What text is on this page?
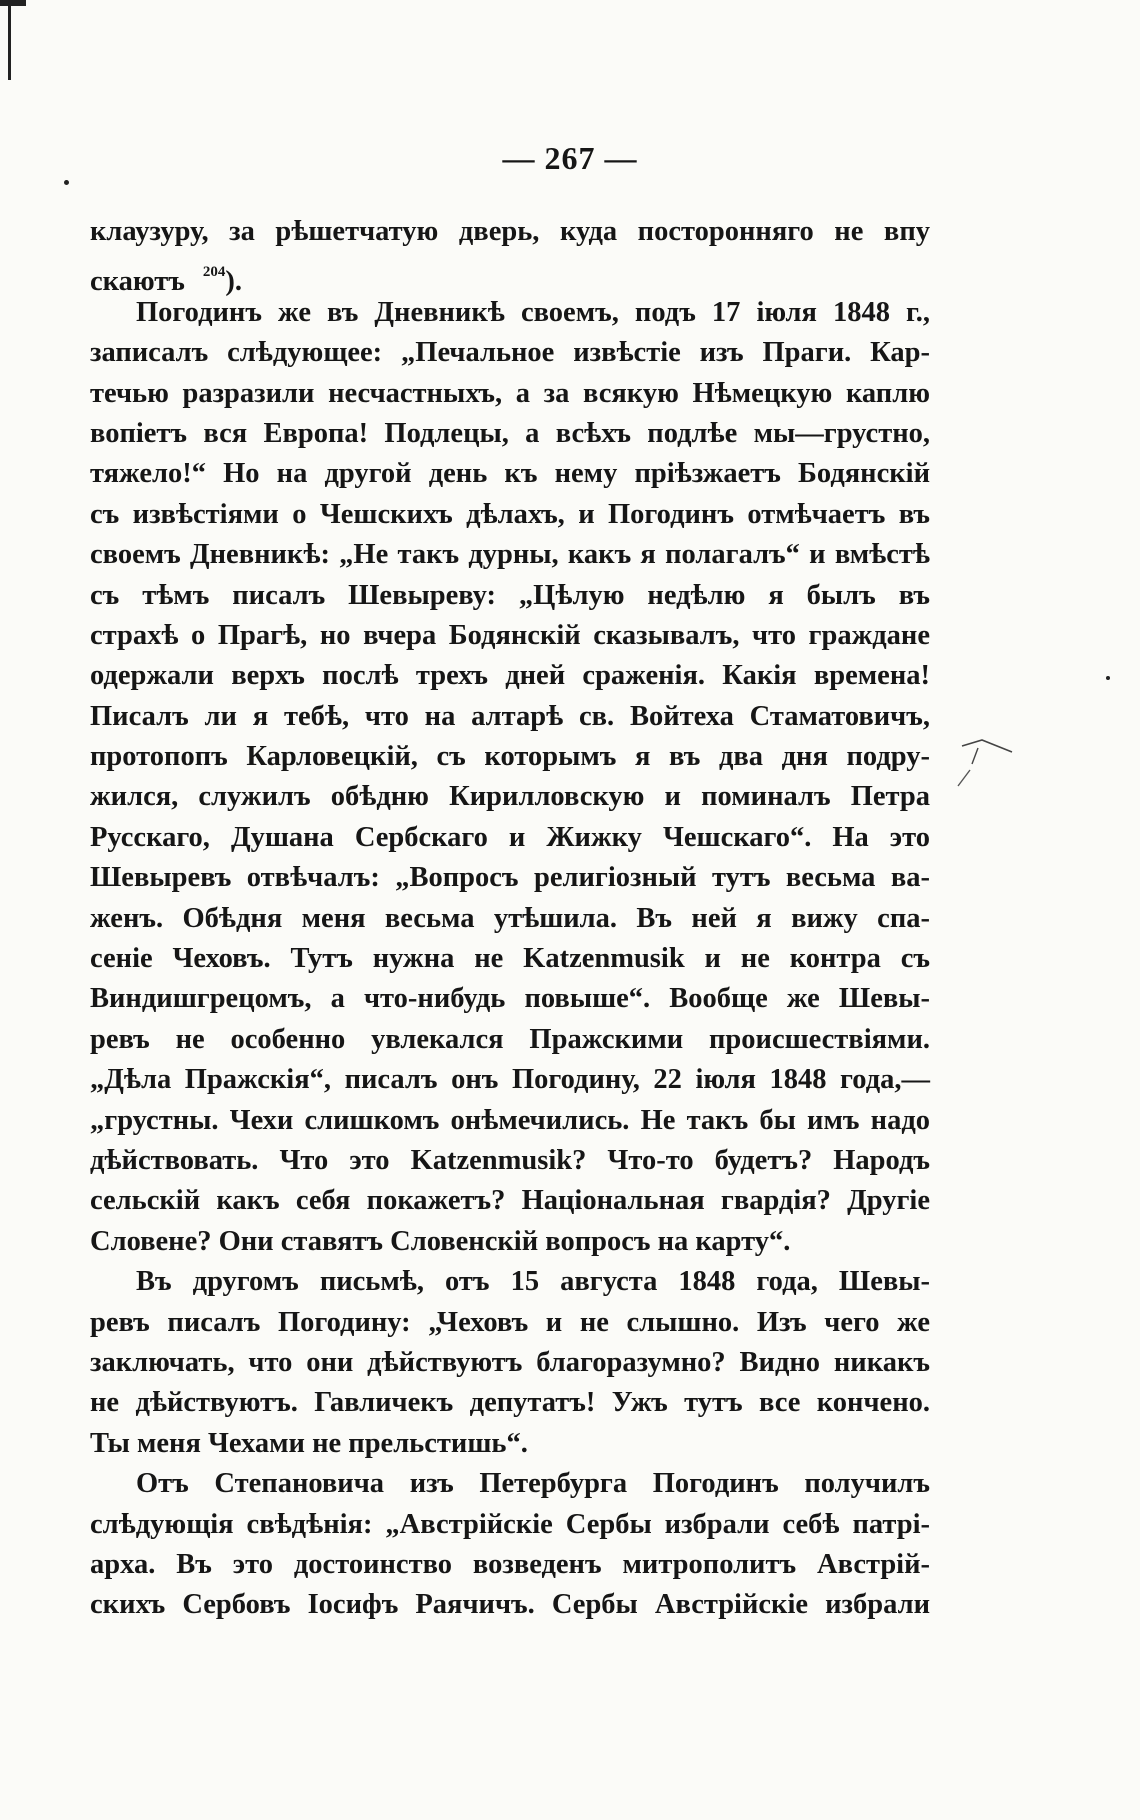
— 267 —
клаузуру, за рѣшетчатую дверь, куда посторонняго не впу
скаютъ $^{204}$).
Погодинъ же въ Дневникѣ своемъ, подъ 17 іюля 1848 г.,
записалъ слѣдующее: „Печальное извѣстіе изъ Праги. Кар-
течью разразили несчастныхъ, а за всякую Нѣмецкую каплю
вопіетъ вся Европа! Подлецы, а всѣхъ подлѣе мы—грустно,
тяжело!“ Но на другой день къ нему пріѣзжаетъ Бодянскій
съ извѣстіями о Чешскихъ дѣлахъ, и Погодинъ отмѣчаетъ въ
своемъ Дневникѣ: „Не такъ дурны, какъ я полагалъ“ и вмѣстѣ
съ тѣмъ писалъ Шевыреву: „Цѣлую недѣлю я былъ въ
страхѣ о Прагѣ, но вчера Бодянскій сказывалъ, что граждане
одержали верхъ послѣ трехъ дней сраженія. Какія времена!
Писалъ ли я тебѣ, что на алтарѣ св. Войтеха Стаматовичъ,
протопопъ Карловецкій, съ которымъ я въ два дня подру-
жился, служилъ обѣдню Кирилловскую и поминалъ Петра
Русскаго, Душана Сербскаго и Жижку Чешскаго“. На это
Шевыревъ отвѣчалъ: „Вопросъ религіозный тутъ весьма ва-
женъ. Обѣдня меня весьма утѣшила. Въ ней я вижу спа-
сеніе Чеховъ. Тутъ нужна не Katzenmusik и не контра съ
Виндишгрецомъ, а что-нибудь повыше“. Вообще же Шевы-
ревъ не особенно увлекался Пражскими происшествіями.
„Дѣла Пражскія“, писалъ онъ Погодину, 22 іюля 1848 года,—
„грустны. Чехи слишкомъ онѣмечились. Не такъ бы имъ надо
дѣйствовать. Что это Katzenmusik? Что-то будетъ? Народъ
сельскій какъ себя покажетъ? Національная гвардія? Другіе
Словене? Они ставятъ Словенскій вопросъ на карту“.
Въ другомъ письмѣ, отъ 15 августа 1848 года, Шевы-
ревъ писалъ Погодину: „Чеховъ и не слышно. Изъ чего же
заключать, что они дѣйствуютъ благоразумно? Видно никакъ
не дѣйствуютъ. Гавличекъ депутатъ! Ужъ тутъ все кончено.
Ты меня Чехами не прельстишь“.
Отъ Степановича изъ Петербурга Погодинъ получилъ
слѣдующія свѣдѣнія: „Австрійскіе Сербы избрали себѣ патрі-
арха. Въ это достоинство возведенъ митрополитъ Австрій-
скихъ Сербовъ Іосифъ Раячичъ. Сербы Австрійскіе избрали
